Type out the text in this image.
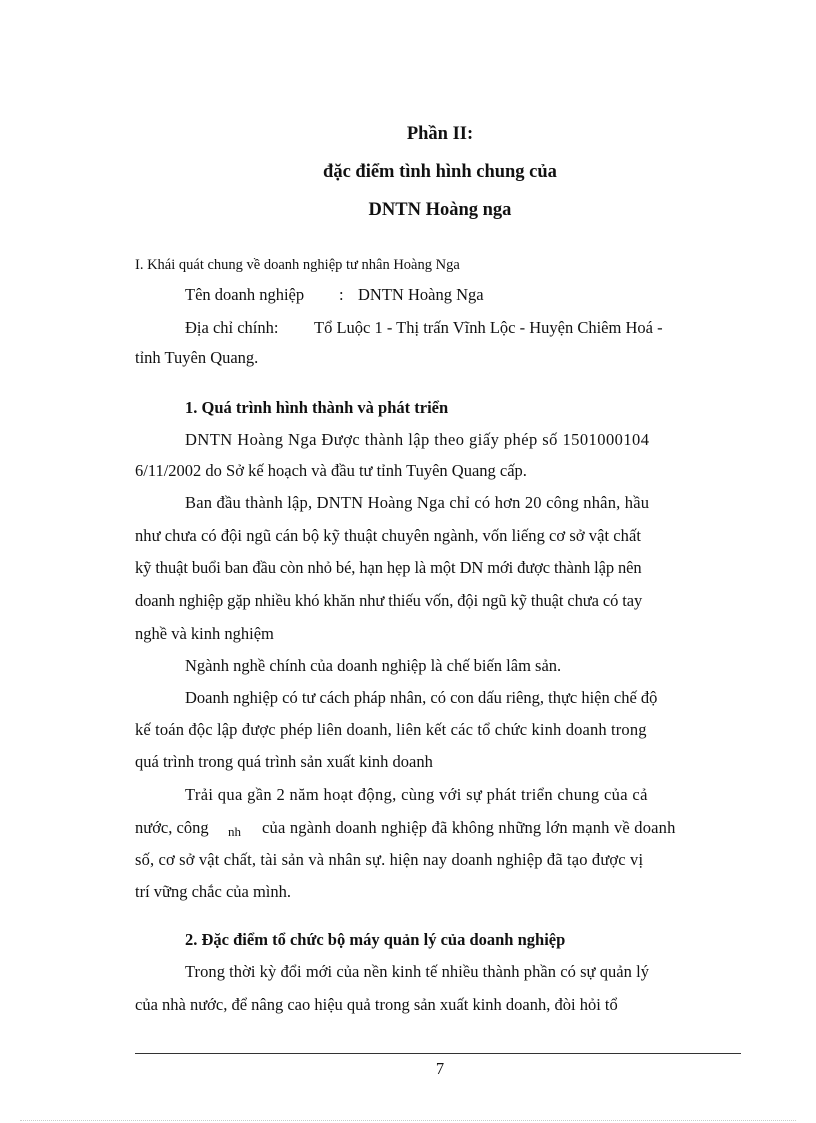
Phần II:
đặc điểm tình hình chung của
DNTN Hoàng nga
I. Khái quát chung về doanh nghiệp tư nhân Hoàng Nga
Tên doanh nghiệp : DNTN Hoàng Nga
Địa chỉ chính: Tổ Luộc 1 - Thị trấn Vĩnh Lộc - Huyện Chiêm Hoá -
tỉnh Tuyên Quang.
1. Quá trình hình thành và phát triển
DNTN Hoàng Nga Được thành lập theo giấy phép số 1501000104
6/11/2002 do Sở kế hoạch và đầu tư tỉnh Tuyên Quang cấp.
Ban đầu thành lập, DNTN Hoàng Nga chỉ có hơn 20 công nhân, hầu
như chưa có đội ngũ cán bộ kỹ thuật chuyên ngành, vốn liếng cơ sở vật chất
kỹ thuật buổi ban đầu còn nhỏ bé, hạn hẹp là một DN mới được thành lập nên
doanh nghiệp gặp nhiều khó khăn như thiếu vốn, đội ngũ kỹ thuật chưa có tay
nghề và kinh nghiệm
Ngành nghề chính của doanh nghiệp là chế biến lâm sản.
Doanh nghiệp có tư cách pháp nhân, có con dấu riêng, thực hiện chế độ
kế toán độc lập được phép liên doanh, liên kết các tổ chức kinh doanh trong
quá trình trong quá trình sản xuất kinh doanh
Trải qua gần 2 năm hoạt động, cùng với sự phát triển chung của cả
nước, công nh của ngành doanh nghiệp đã không những lớn mạnh về doanh
số, cơ sở vật chất, tài sản và nhân sự. hiện nay doanh nghiệp đã tạo được vị
trí vững chắc của mình.
2. Đặc điểm tổ chức bộ máy quản lý của doanh nghiệp
Trong thời kỳ đổi mới của nền kinh tế nhiều thành phần có sự quản lý
của nhà nước, để nâng cao hiệu quả trong sản xuất kinh doanh, đòi hỏi tổ
7
